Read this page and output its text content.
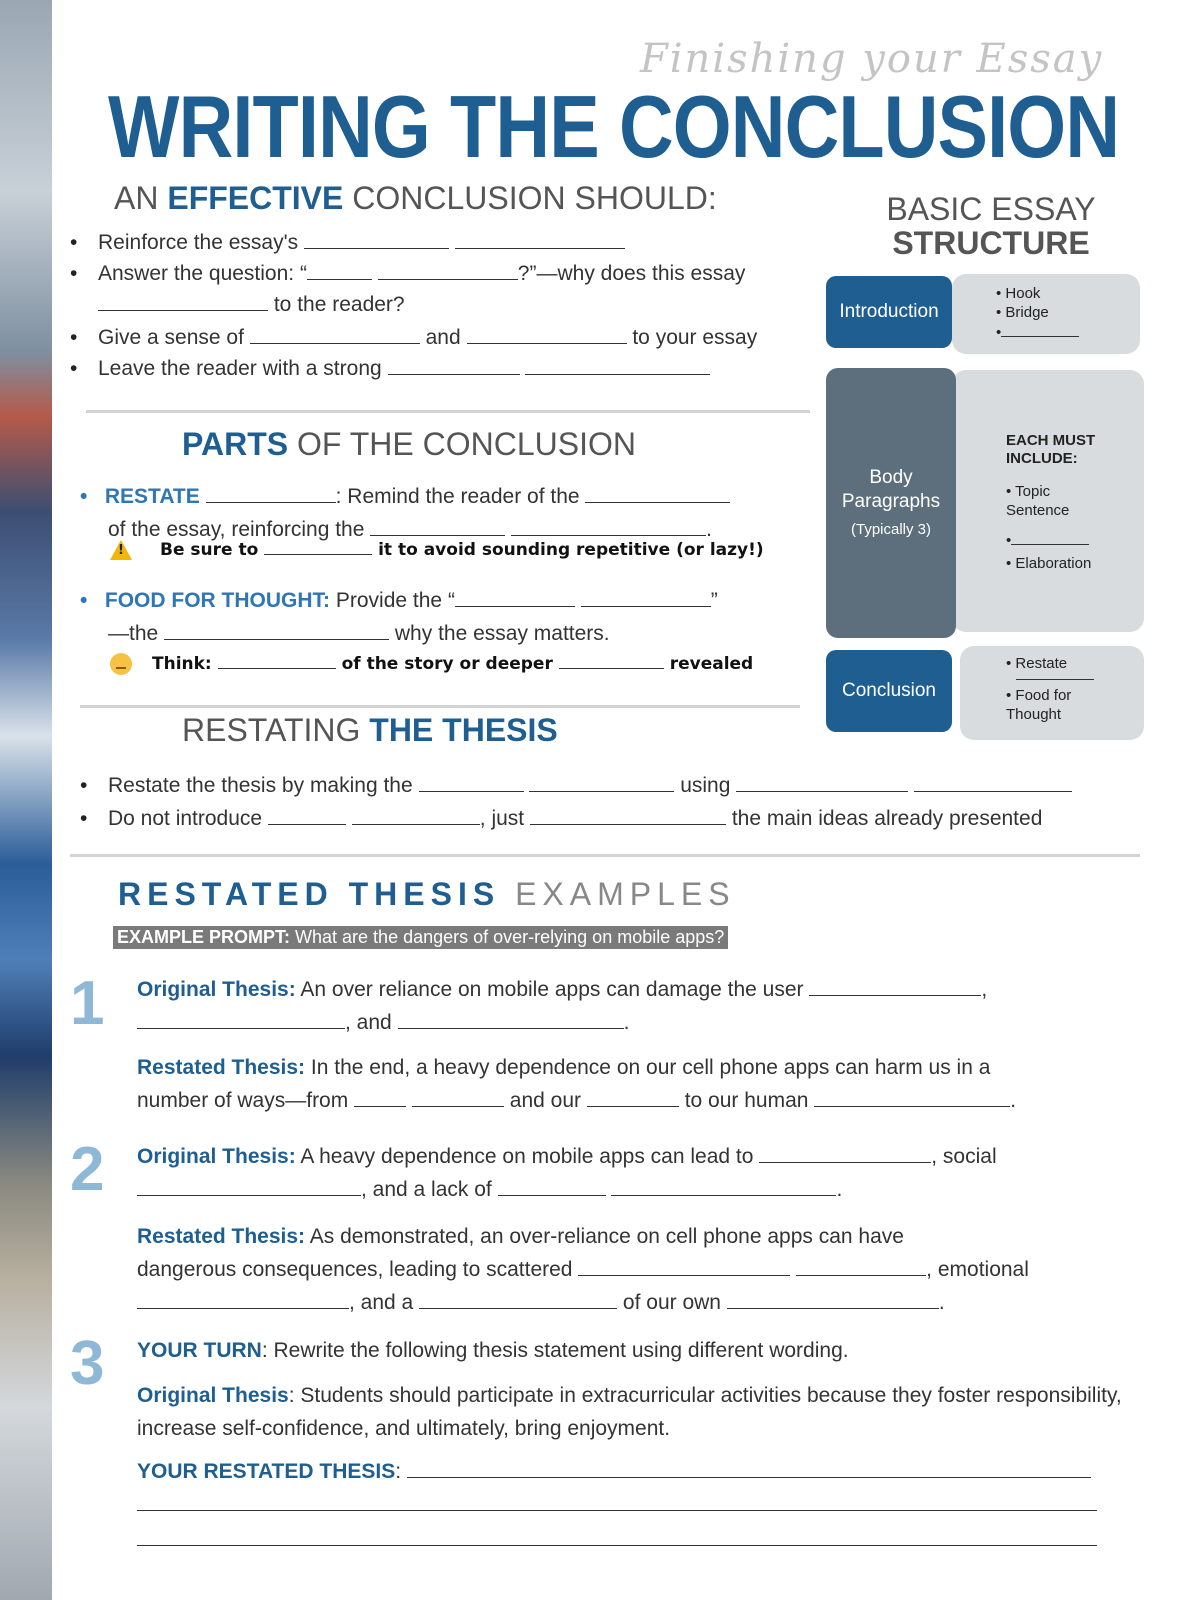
Finishing your Essay
WRITING THE CONCLUSION
AN EFFECTIVE CONCLUSION SHOULD:
• Reinforce the essay's
• Answer the question: “	?”—why does this essay
to the reader?
• Give a sense of	and	to your essay
• Leave the reader with a strong
PARTS OF THE CONCLUSION
• RESTATE	: Remind the reader of the
of the essay, reinforcing the	.
!Be sure to	it to avoid sounding repetitive (or lazy!)
• FOOD FOR THOUGHT: Provide the “	”
—the	why the essay matters.
Think:	of the story or deeper	revealed
RESTATING THE THESIS
• Restate the thesis by making the	using
• Do not introduce	, just	the main ideas already presented
BASIC ESSAY
STRUCTURE
• Hook
• Bridge
•
Introduction
EACH MUST INCLUDE:
• Topic Sentence
•
• Elaboration
Body
Paragraphs
(Typically 3)
• Restate
• Food for Thought
Conclusion
RESTATED THESIS EXAMPLES
EXAMPLE PROMPT: What are the dangers of over-relying on mobile apps?
1 Original Thesis: An over reliance on mobile apps can damage the user	,
, and	.
Restated Thesis: In the end, a heavy dependence on our cell phone apps can harm us in a
number of ways—from	and our	to our human	.
2 Original Thesis: A heavy dependence on mobile apps can lead to	, social
, and a lack of	.
Restated Thesis: As demonstrated, an over-reliance on cell phone apps can have
dangerous consequences, leading to scattered	, emotional
, and a	of our own	.
3 YOUR TURN: Rewrite the following thesis statement using different wording.
Original Thesis: Students should participate in extracurricular activities because they foster responsibility, increase self-confidence, and ultimately, bring enjoyment.
YOUR RESTATED THESIS:
